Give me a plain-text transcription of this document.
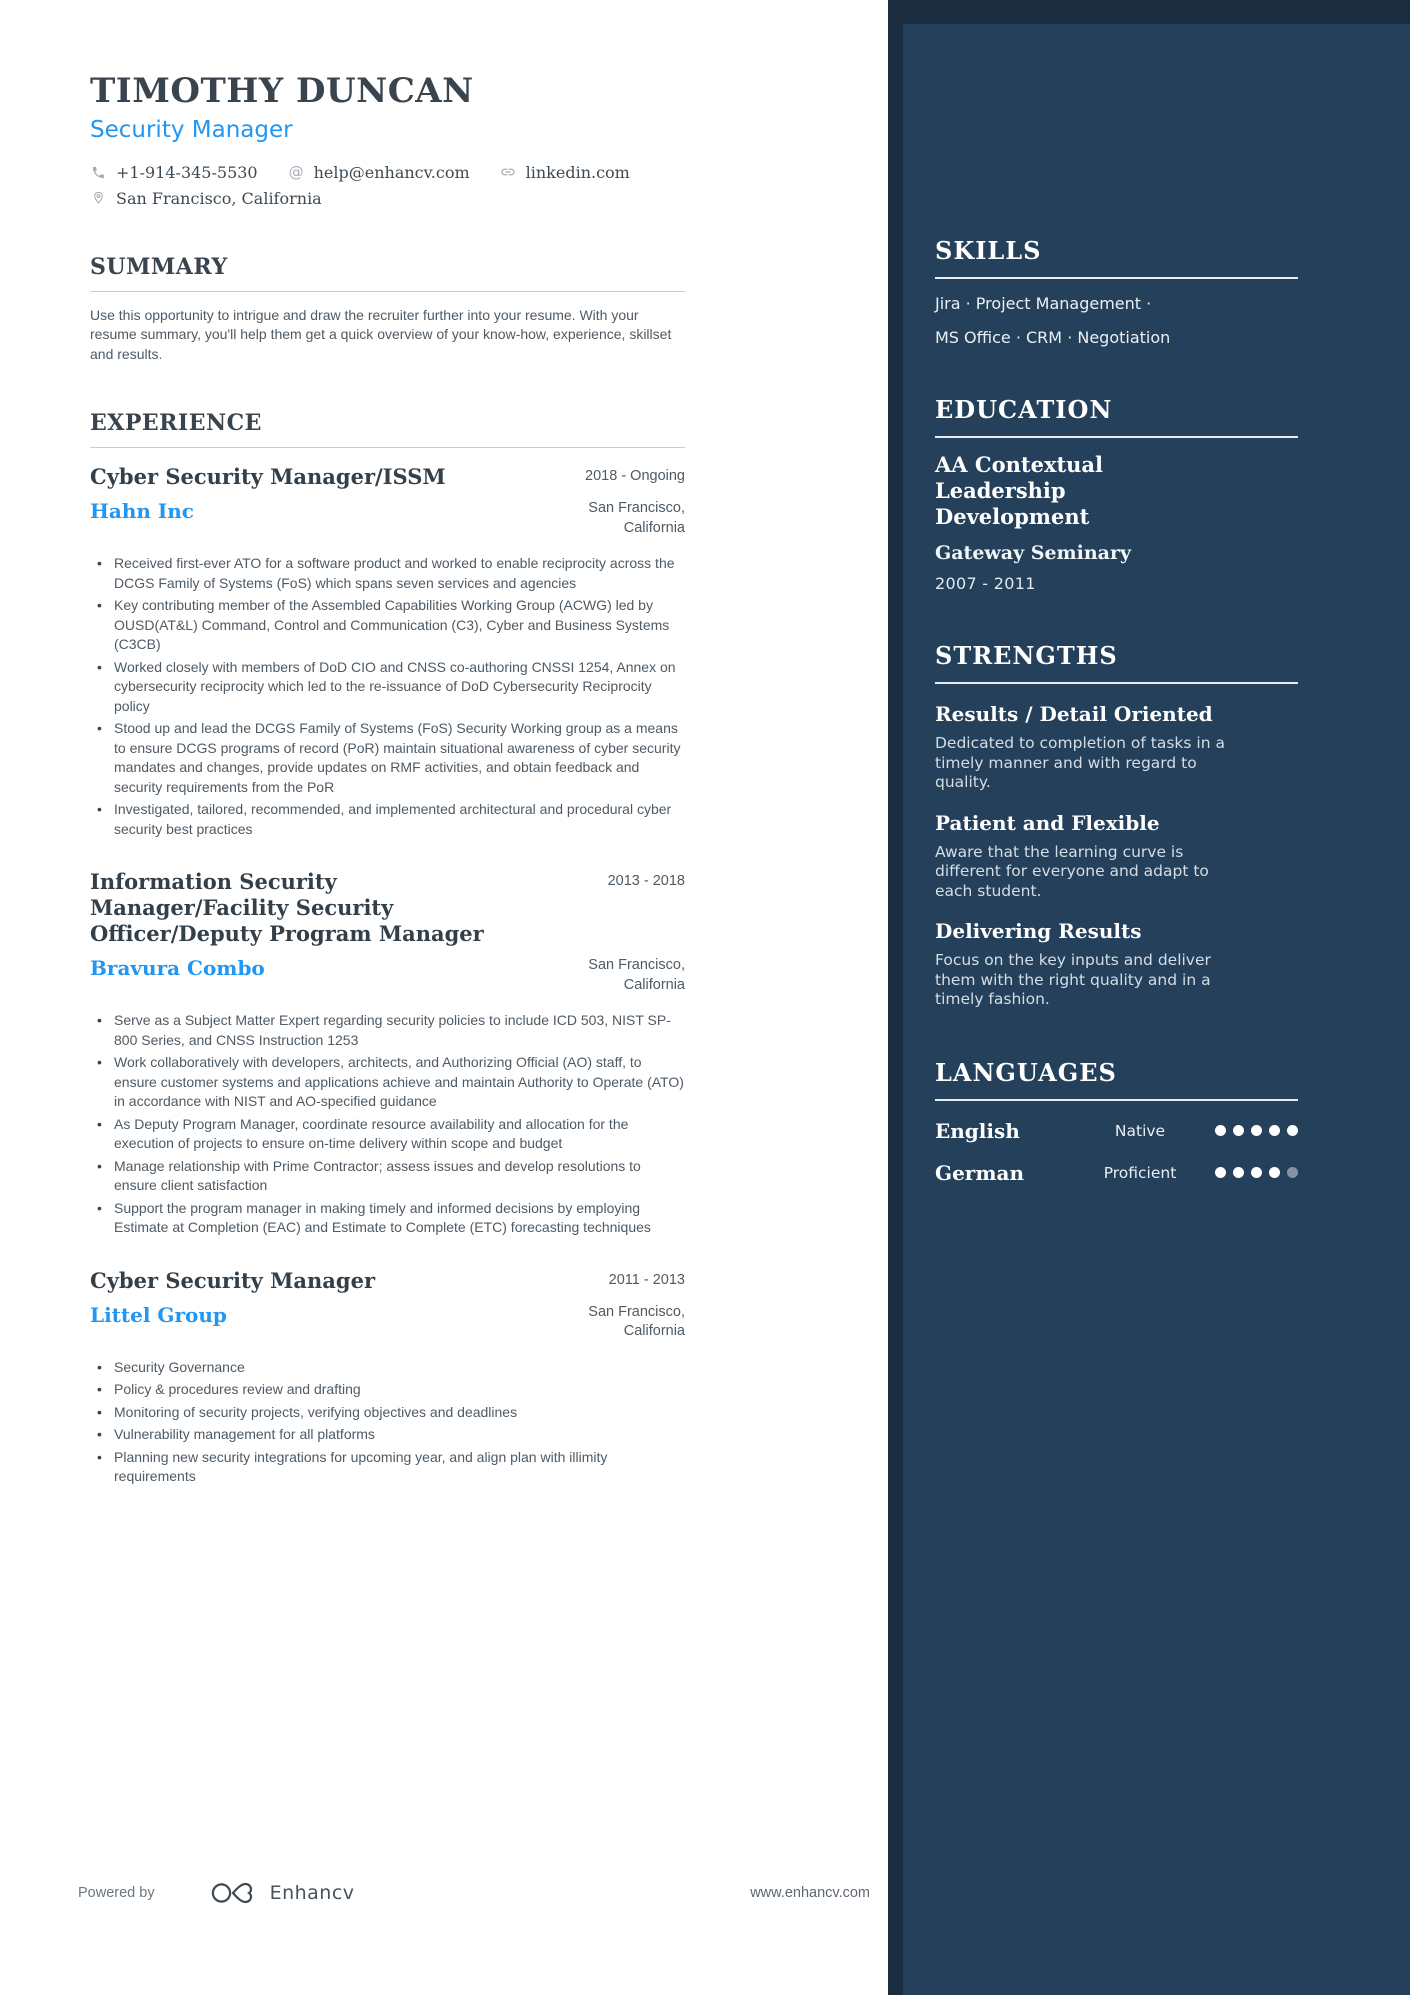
TIMOTHY DUNCAN
Security Manager
+1-914-345-5530 @ help@enhancv.com	linkedin.com
San Francisco, California
SUMMARY
Use this opportunity to intrigue and draw the recruiter further into your resume. With your resume summary, you'll help them get a quick overview of your know-how, experience, skillset and results.
EXPERIENCE
Cyber Security Manager/ISSM	2018 - Ongoing
Hahn Inc	San Francisco, California
• Received first-ever ATO for a software product and worked to enable reciprocity across the DCGS Family of Systems (FoS) which spans seven services and agencies
• Key contributing member of the Assembled Capabilities Working Group (ACWG) led by OUSD(AT&L) Command, Control and Communication (C3), Cyber and Business Systems (C3CB)
• Worked closely with members of DoD CIO and CNSS co-authoring CNSSI 1254, Annex on cybersecurity reciprocity which led to the re-issuance of DoD Cybersecurity Reciprocity policy
• Stood up and lead the DCGS Family of Systems (FoS) Security Working group as a means to ensure DCGS programs of record (PoR) maintain situational awareness of cyber security mandates and changes, provide updates on RMF activities, and obtain feedback and security requirements from the PoR
• Investigated, tailored, recommended, and implemented architectural and procedural cyber security best practices
Information Security Manager/Facility Security Officer/Deputy Program Manager
2013 - 2018
Bravura Combo	San Francisco, California
• Serve as a Subject Matter Expert regarding security policies to include ICD 503, NIST SP-800 Series, and CNSS Instruction 1253
• Work collaboratively with developers, architects, and Authorizing Official (AO) staff, to ensure customer systems and applications achieve and maintain Authority to Operate (ATO) in accordance with NIST and AO-specified guidance
• As Deputy Program Manager, coordinate resource availability and allocation for the execution of projects to ensure on-time delivery within scope and budget
• Manage relationship with Prime Contractor; assess issues and develop resolutions to ensure client satisfaction
• Support the program manager in making timely and informed decisions by employing Estimate at Completion (EAC) and Estimate to Complete (ETC) forecasting techniques
Cyber Security Manager	2011 - 2013
Littel Group	San Francisco, California
• Security Governance
• Policy & procedures review and drafting
• Monitoring of security projects, verifying objectives and deadlines
• Vulnerability management for all platforms
• Planning new security integrations for upcoming year, and align plan with illimity requirements
Powered by	Enhancv	www.enhancv.com
SKILLS
Jira · Project Management ·
MS Office · CRM · Negotiation
EDUCATION
AA Contextual Leadership Development
Gateway Seminary
2007 - 2011
STRENGTHS
Results / Detail Oriented
Dedicated to completion of tasks in a timely manner and with regard to quality.
Patient and Flexible
Aware that the learning curve is different for everyone and adapt to each student.
Delivering Results
Focus on the key inputs and deliver them with the right quality and in a timely fashion.
LANGUAGES
English	Native
German	Proficient
